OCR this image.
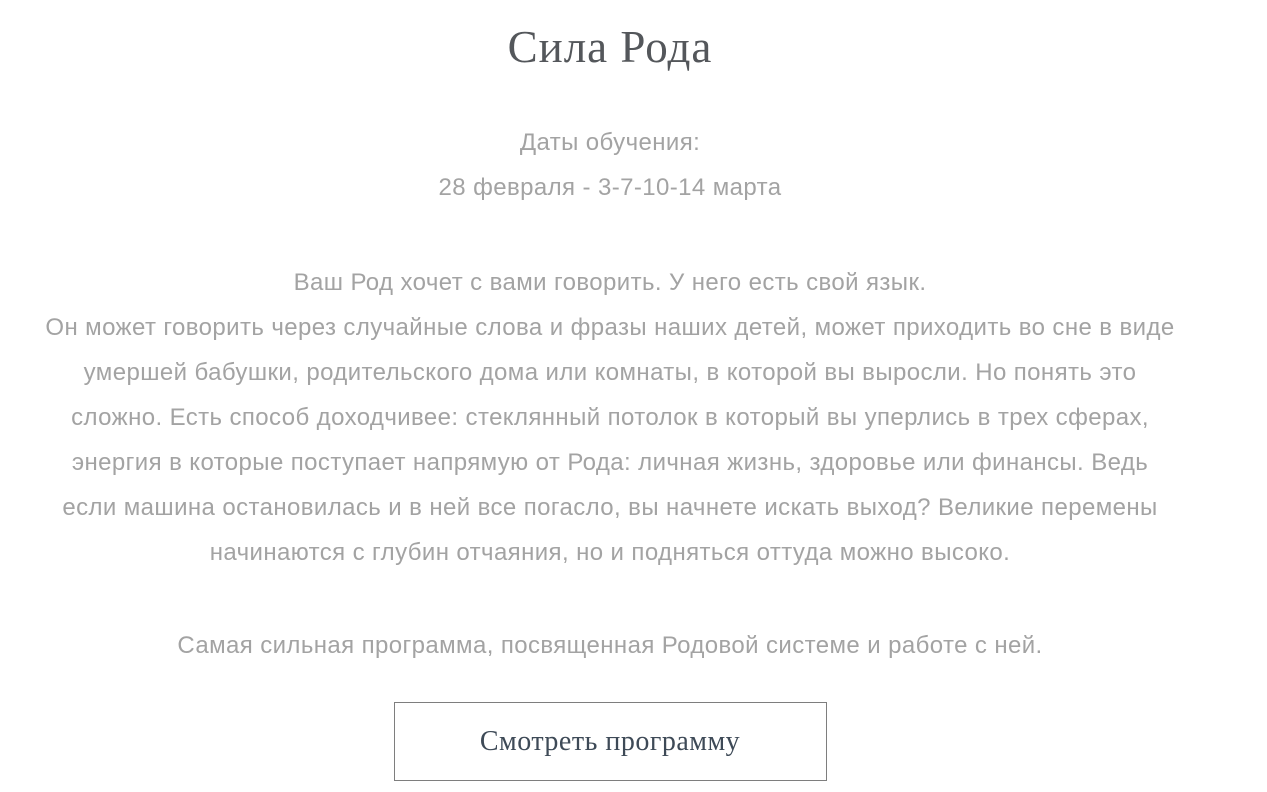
Сила Рода
Даты обучения:
28 февраля - 3-7-10-14 марта
Ваш Род хочет с вами говорить. У него есть свой язык.
Он может говорить через случайные слова и фразы наших детей, может приходить во сне в виде умершей бабушки, родительского дома или комнаты, в которой вы выросли. Но понять это сложно. Есть способ доходчивее: стеклянный потолок в который вы уперлись в трех сферах, энергия в которые поступает напрямую от Рода: личная жизнь, здоровье или финансы. Ведь если машина остановилась и в ней все погасло, вы начнете искать выход? Великие перемены начинаются с глубин отчаяния, но и подняться оттуда можно высоко.

Самая сильная программа, посвященная Родовой системе и работе с ней.

Смотреть программу
